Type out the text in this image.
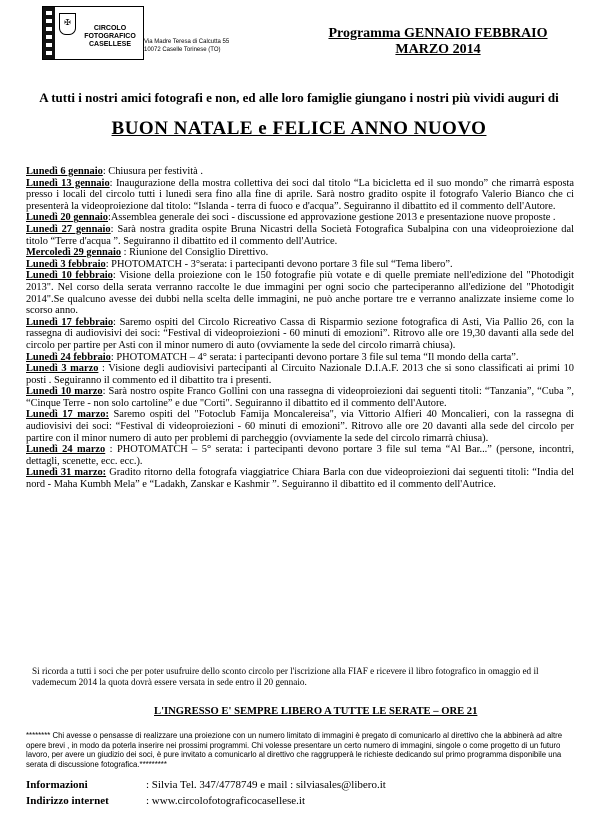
✠
CIRCOLO
FOTOGRAFICO
CASELLESE	Via Madre Teresa di Calcutta 55
10072 Caselle Torinese (TO)
Programma GENNAIO FEBBRAIO
MARZO 2014
A tutti i nostri amici fotografi e non, ed alle loro famiglie giungano i nostri più vividi auguri di
BUON NATALE e FELICE ANNO NUOVO

Lunedì 6 gennaio: Chiusura per festività .

Lunedì 13 gennaio: Inaugurazione della mostra collettiva dei soci dal titolo “La bicicletta ed il suo mondo” che rimarrà esposta presso i locali del circolo tutti i lunedì sera fino alla fine di aprile. Sarà nostro gradito ospite il fotografo Valerio Bianco che ci presenterà la videoproiezione dal titolo: “Islanda - terra di fuoco e d'acqua”. Seguiranno il dibattito ed il commento dell'Autore.

Lunedì 20 gennaio:Assemblea generale dei soci - discussione ed approvazione gestione 2013 e presentazione nuove proposte .

Lunedì 27 gennaio: Sarà nostra gradita ospite Bruna Nicastri della Società Fotografica Subalpina con una videoproiezione dal titolo “Terre d'acqua ”. Seguiranno il dibattito ed il commento dell'Autrice.

Mercoledì 29 gennaio : Riunione del Consiglio Direttivo.

Lunedì 3 febbraio: PHOTOMATCH - 3°serata: i partecipanti devono portare 3 file sul “Tema libero”.

Lunedì 10 febbraio: Visione della proiezione con le 150 fotografie più votate e di quelle premiate nell'edizione del "Photodigit 2013". Nel corso della serata verranno raccolte le due immagini per ogni socio che parteciperanno all'edizione del "Photodigit 2014".Se qualcuno avesse dei dubbi nella scelta delle immagini, ne può anche portare tre e verranno analizzate insieme come lo scorso anno.

Lunedì 17 febbraio: Saremo ospiti del Circolo Ricreativo Cassa di Risparmio sezione fotografica di Asti, Via Pallio 26, con la rassegna di audiovisivi dei soci: “Festival di videoproiezioni - 60 minuti di emozioni”. Ritrovo alle ore 19,30 davanti alla sede del circolo per partire per Asti con il minor numero di auto (ovviamente la sede del circolo rimarrà chiusa).

Lunedì 24 febbraio: PHOTOMATCH – 4° serata: i partecipanti devono portare 3 file sul tema “Il mondo della carta”.

Lunedì 3 marzo : Visione degli audiovisivi partecipanti al Circuito Nazionale D.I.A.F. 2013 che si sono classificati ai primi 10 posti . Seguiranno il commento ed il dibattito tra i presenti.

Lunedì 10 marzo: Sarà nostro ospite Franco Gollini con una rassegna di videoproiezioni dai seguenti titoli: “Tanzania”, “Cuba ”, “Cinque Terre - non solo cartoline” e due "Corti". Seguiranno il dibattito ed il commento dell'Autore.

Lunedì 17 marzo: Saremo ospiti del "Fotoclub Famija Moncalereisa", via Vittorio Alfieri 40 Moncalieri, con la rassegna di audiovisivi dei soci: “Festival di videoproiezioni - 60 minuti di emozioni”. Ritrovo alle ore 20 davanti alla sede del circolo per partire con il minor numero di auto per problemi di parcheggio (ovviamente la sede del circolo rimarrà chiusa).

Lunedì 24 marzo : PHOTOMATCH – 5° serata: i partecipanti devono portare 3 file sul tema “Al Bar...” (persone, incontri, dettagli, scenette, ecc. ecc.).

Lunedì 31 marzo: Gradito ritorno della fotografa viaggiatrice Chiara Barla con due videoproiezioni dai seguenti titoli: “India del nord - Maha Kumbh Mela” e “Ladakh, Zanskar e Kashmir ”. Seguiranno il dibattito ed il commento dell'Autrice.

Si ricorda a tutti i soci che per poter usufruire dello sconto circolo per l'iscrizione alla FIAF e ricevere il libro fotografico in omaggio ed il vademecum 2014 la quota dovrà essere versata in sede entro il 20 gennaio.
L'INGRESSO E' SEMPRE LIBERO A TUTTE LE SERATE – ORE 21
******** Chi avesse o pensasse di realizzare una proiezione con un numero limitato di immagini è pregato di comunicarlo al direttivo che la abbinerà ad altre opere brevi , in modo da poterla inserire nei prossimi programmi. Chi volesse presentare un certo numero di immagini, singole o come progetto di un futuro lavoro, per avere un giudizio dei soci, è pure invitato a comunicarlo al direttivo che raggrupperà le richieste dedicando sul primo programma disponibile una serata di discussione fotografica.*********
Informazioni	: Silvia Tel. 347/4778749 e mail : silviasales@libero.it
Indirizzo internet	: www.circolofotograficocasellese.it
